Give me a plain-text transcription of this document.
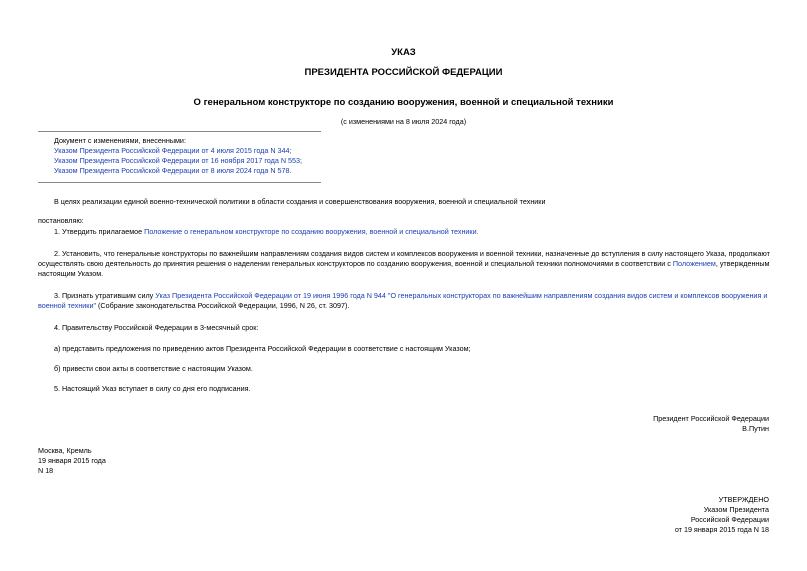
УКАЗ
ПРЕЗИДЕНТА РОССИЙСКОЙ ФЕДЕРАЦИИ
О генеральном конструкторе по созданию вооружения, военной и специальной техники
(с изменениями на 8 июля 2024 года)
Документ с изменениями, внесенными:
Указом Президента Российской Федерации от 4 июля 2015 года N 344;
Указом Президента Российской Федерации от 16 ноября 2017 года N 553;
Указом Президента Российской Федерации от 8 июля 2024 года N 578.
В целях реализации единой военно-технической политики в области создания и совершенствования вооружения, военной и специальной техники
постановляю:
1. Утвердить прилагаемое Положение о генеральном конструкторе по созданию вооружения, военной и специальной техники.
2. Установить, что генеральные конструкторы по важнейшим направлениям создания видов систем и комплексов вооружения и военной техники, назначенные до вступления в силу настоящего Указа, продолжают
осуществлять свою деятельность до принятия решения о наделении генеральных конструкторов по созданию вооружения, военной и специальной техники полномочиями в соответствии с Положением, утвержденным
настоящим Указом.
3. Признать утратившим силу Указ Президента Российской Федерации от 19 июня 1996 года N 944 "О генеральных конструкторах по важнейшим направлениям создания видов систем и комплексов вооружения и
военной техники" (Собрание законодательства Российской Федерации, 1996, N 26, ст. 3097).
4. Правительству Российской Федерации в 3-месячный срок:
а) представить предложения по приведению актов Президента Российской Федерации в соответствие с настоящим Указом;
б) привести свои акты в соответствие с настоящим Указом.
5. Настоящий Указ вступает в силу со дня его подписания.
Президент Российской Федерации
В.Путин
Москва, Кремль
19 января 2015 года
N 18
УТВЕРЖДЕНО
Указом Президента
Российской Федерации
от 19 января 2015 года N 18
